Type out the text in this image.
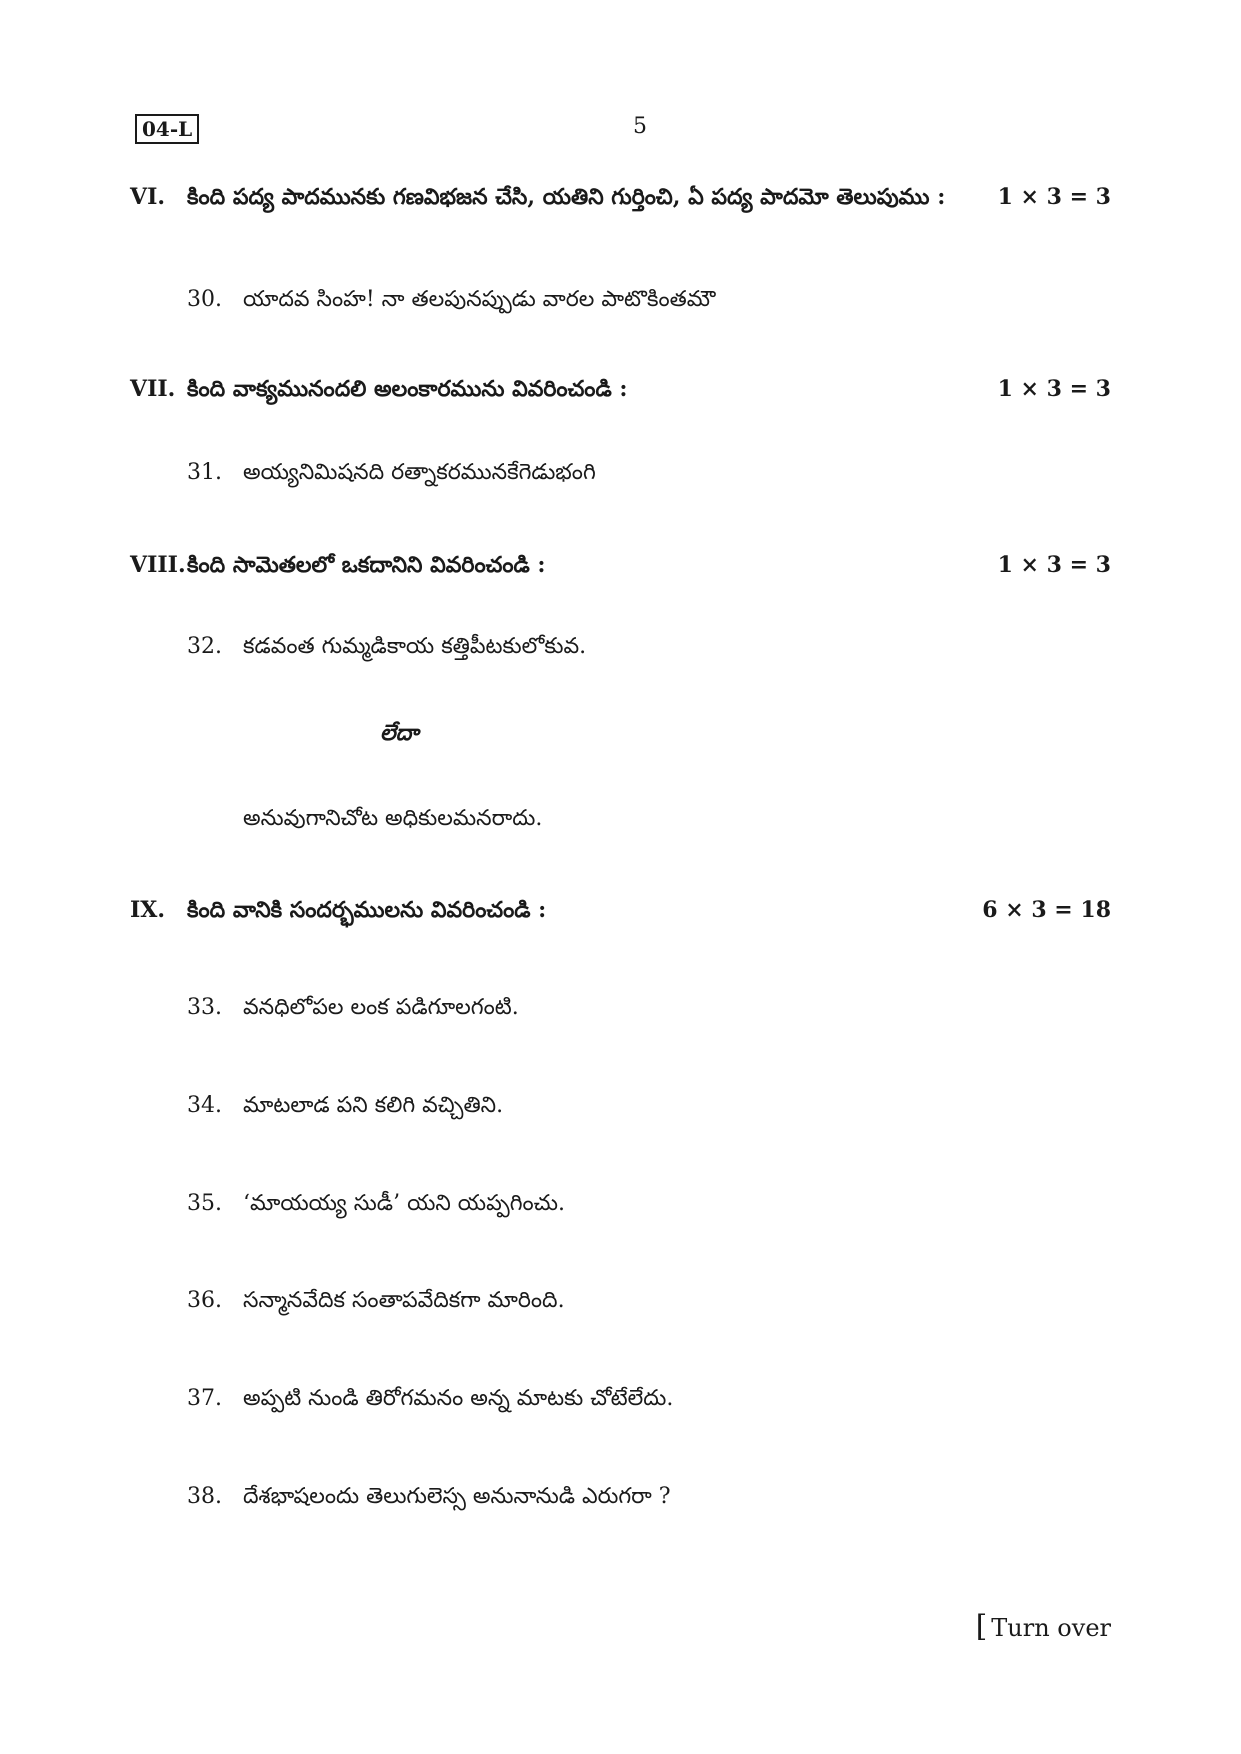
04-L	5
VI. కింది పద్య పాదమునకు గణవిభజన చేసి, యతిని గుర్తించి, ఏ పద్య పాదమో తెలుపుము : 1 × 3 = 3
30. యాదవ సింహ! నా తలపునప్పుడు వారల పాటొకింతమౌ
VII. కింది వాక్యమునందలి అలంకారమును వివరించండి :	1 × 3 = 3
31. అయ్యనిమిషనది రత్నాకరమునకేగెడుభంగి
VIII. కింది సామెతలలో ఒకదానిని వివరించండి :	1 × 3 = 3
32. కడవంత గుమ్మడికాయ కత్తిపీటకులోకువ.
లేదా
అనువుగానిచోట అధికులమనరాదు.
IX. కింది వానికి సందర్భములను వివరించండి :	6 × 3 = 18
33. వనధిలోపల లంక పడిగూలగంటి.
34. మాటలాడ పని కలిగి వచ్చితిని.
35. ‘మాయయ్య సుడీ’ యని యప్పగించు.
36. సన్మానవేదిక సంతాపవేదికగా మారింది.
37. అప్పటి నుండి తిరోగమనం అన్న మాటకు చోటేలేదు.
38. దేశభాషలందు తెలుగులెస్స అనునానుడి ఎరుగరా ?
[ Turn over
